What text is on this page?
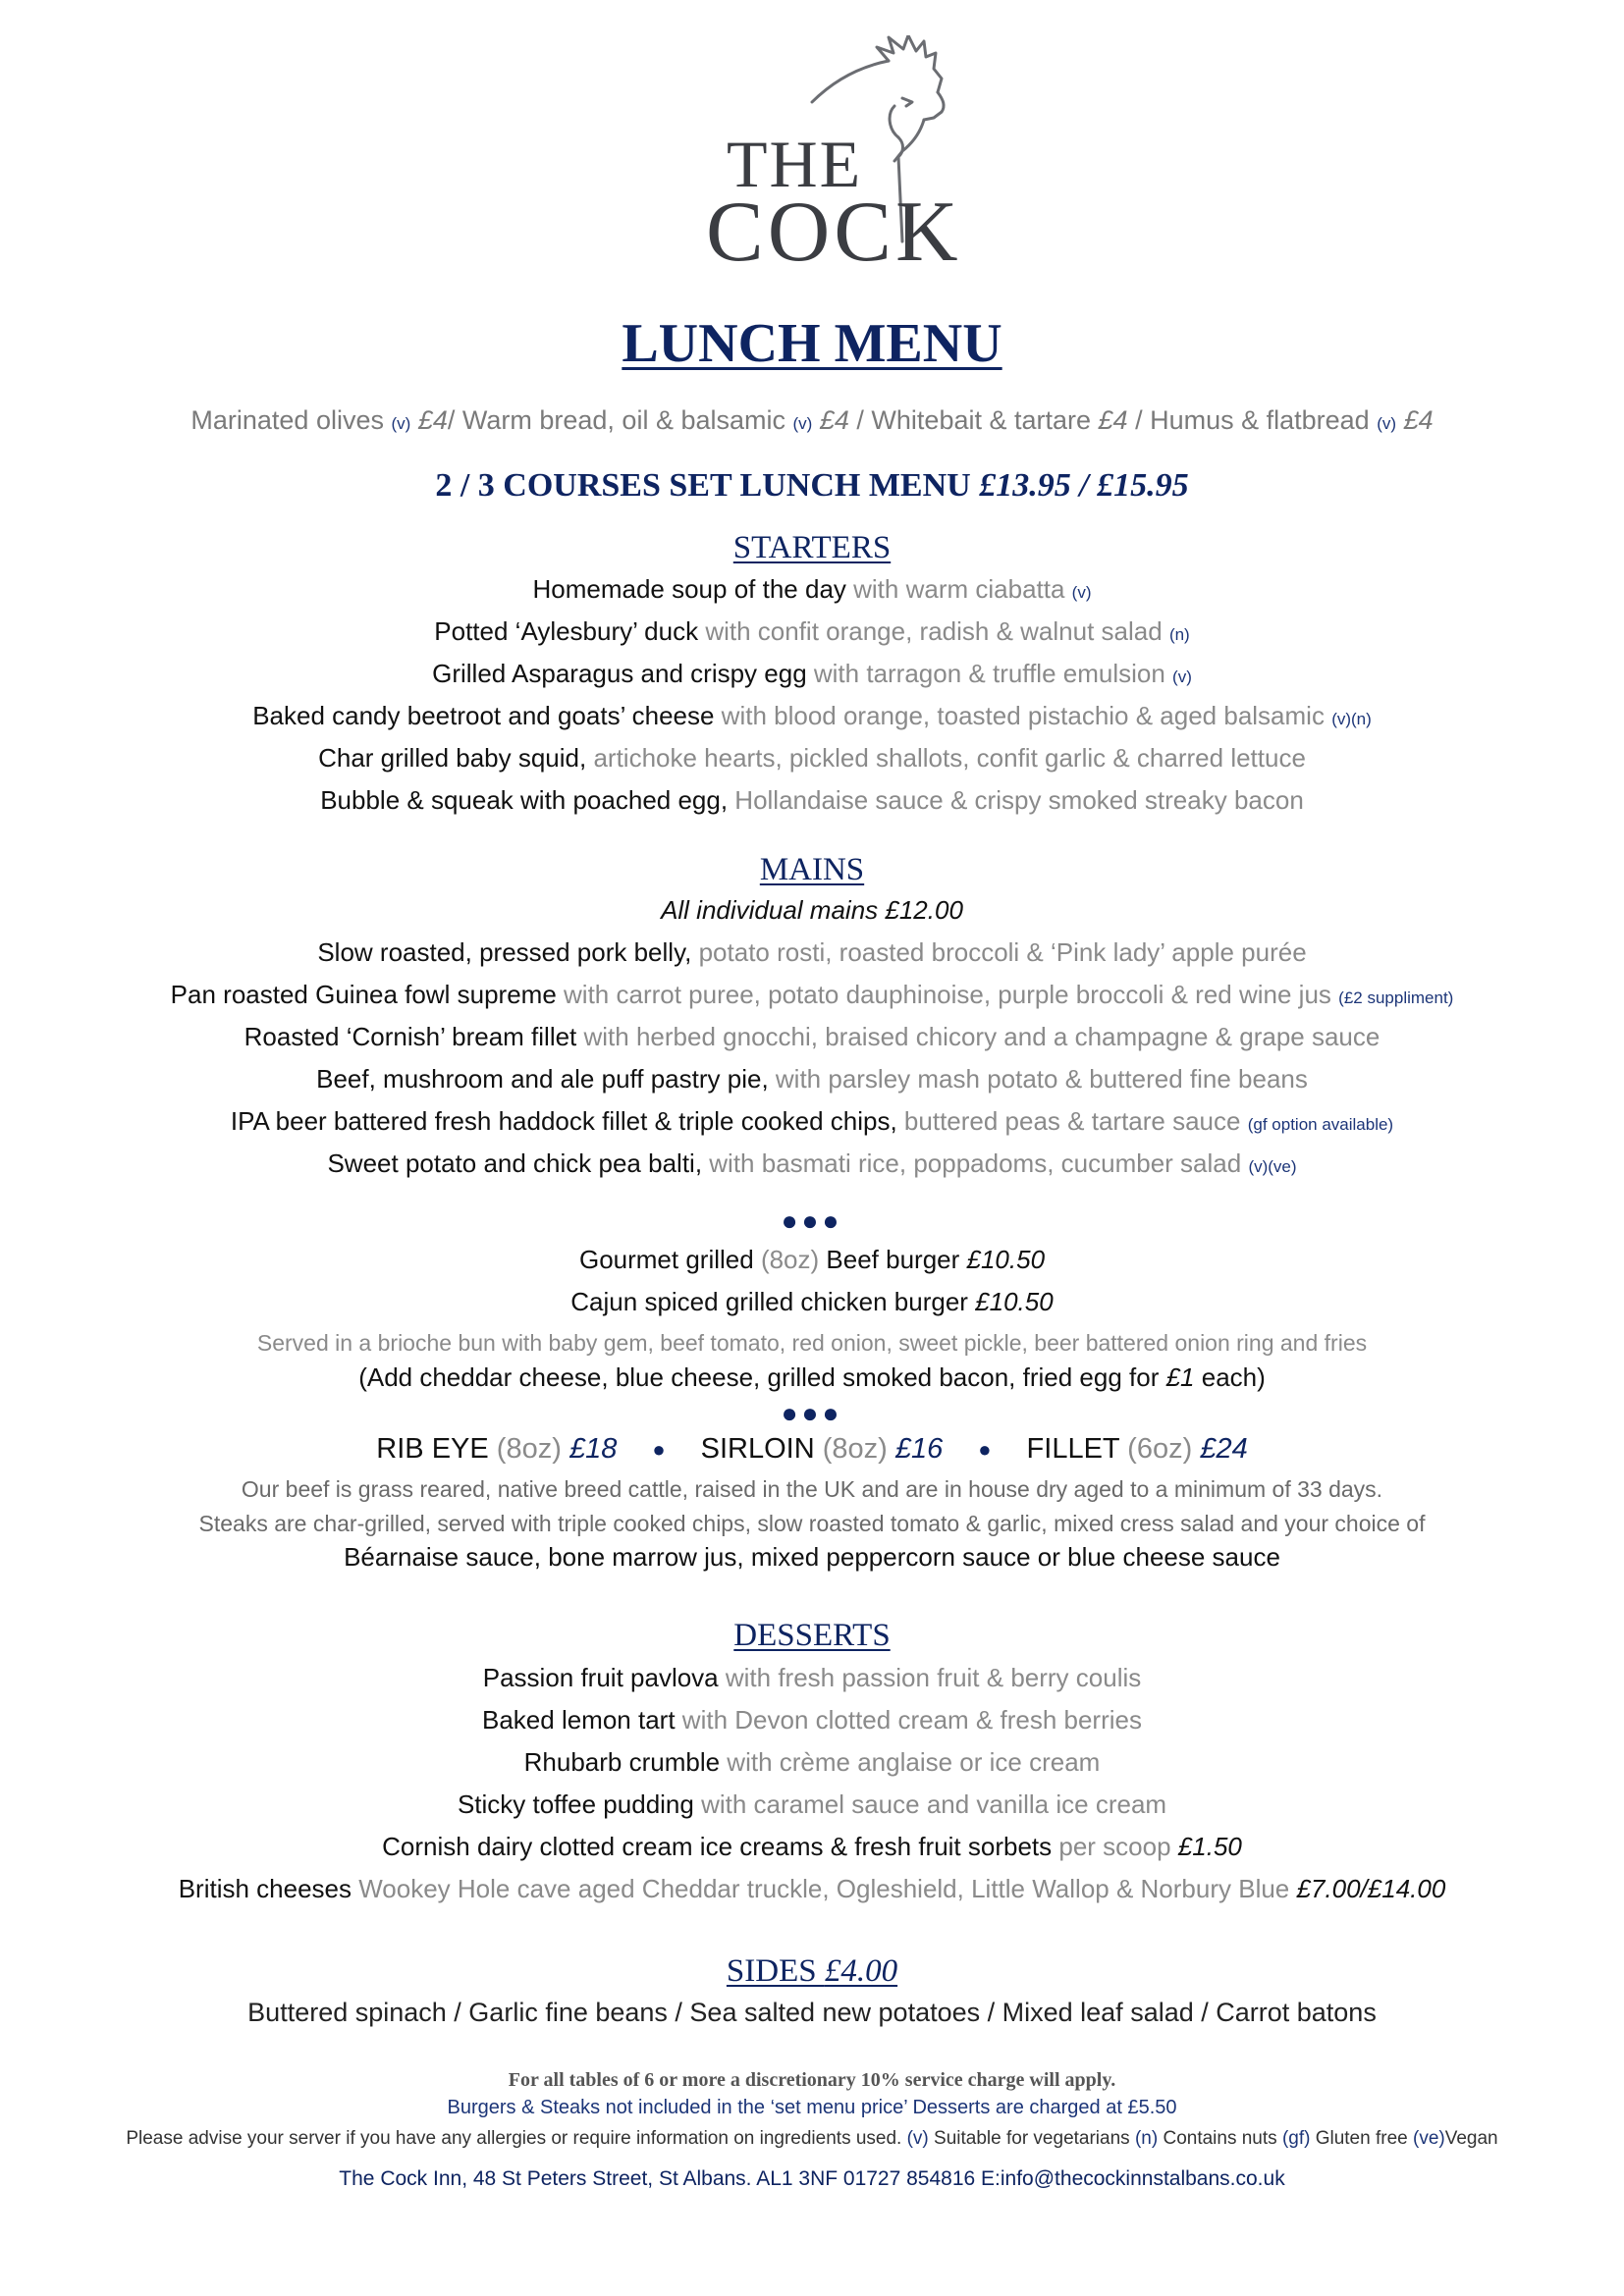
THE
COCK
LUNCH MENU
Marinated olives (v) £4/ Warm bread, oil & balsamic (v) £4 / Whitebait & tartare £4 / Humus & flatbread (v) £4
2 / 3 COURSES SET LUNCH MENU £13.95 / £15.95
STARTERS
Homemade soup of the day with warm ciabatta (v)
Potted ‘Aylesbury’ duck with confit orange, radish & walnut salad (n)
Grilled Asparagus and crispy egg with tarragon & truffle emulsion (v)
Baked candy beetroot and goats’ cheese with blood orange, toasted pistachio & aged balsamic (v)(n)
Char grilled baby squid, artichoke hearts, pickled shallots, confit garlic & charred lettuce
Bubble & squeak with poached egg, Hollandaise sauce & crispy smoked streaky bacon
MAINS
All individual mains £12.00
Slow roasted, pressed pork belly, potato rosti, roasted broccoli & ‘Pink lady’ apple purée
Pan roasted Guinea fowl supreme with carrot puree, potato dauphinoise, purple broccoli & red wine jus (£2 suppliment)
Roasted ‘Cornish’ bream fillet with herbed gnocchi, braised chicory and a champagne & grape sauce
Beef, mushroom and ale puff pastry pie, with parsley mash potato & buttered fine beans
IPA beer battered fresh haddock fillet & triple cooked chips, buttered peas & tartare sauce (gf option available)
Sweet potato and chick pea balti, with basmati rice, poppadoms, cucumber salad (v)(ve)
●●●
Gourmet grilled (8oz) Beef burger £10.50
Cajun spiced grilled chicken burger £10.50
Served in a brioche bun with baby gem, beef tomato, red onion, sweet pickle, beer battered onion ring and fries
(Add cheddar cheese, blue cheese, grilled smoked bacon, fried egg for £1 each)
●●●
RIB EYE (8oz) £18 ● SIRLOIN (8oz) £16 ● FILLET (6oz) £24
Our beef is grass reared, native breed cattle, raised in the UK and are in house dry aged to a minimum of 33 days.
Steaks are char-grilled, served with triple cooked chips, slow roasted tomato & garlic, mixed cress salad and your choice of
Béarnaise sauce, bone marrow jus, mixed peppercorn sauce or blue cheese sauce
DESSERTS
Passion fruit pavlova with fresh passion fruit & berry coulis
Baked lemon tart with Devon clotted cream & fresh berries
Rhubarb crumble with crème anglaise or ice cream
Sticky toffee pudding with caramel sauce and vanilla ice cream
Cornish dairy clotted cream ice creams & fresh fruit sorbets per scoop £1.50
British cheeses Wookey Hole cave aged Cheddar truckle, Ogleshield, Little Wallop & Norbury Blue £7.00/£14.00
SIDES £4.00
Buttered spinach / Garlic fine beans / Sea salted new potatoes / Mixed leaf salad / Carrot batons
For all tables of 6 or more a discretionary 10% service charge will apply.
Burgers & Steaks not included in the ‘set menu price’ Desserts are charged at £5.50
Please advise your server if you have any allergies or require information on ingredients used. (v) Suitable for vegetarians (n) Contains nuts (gf) Gluten free (ve)Vegan
The Cock Inn, 48 St Peters Street, St Albans. AL1 3NF 01727 854816 E:info@thecockinnstalbans.co.uk
